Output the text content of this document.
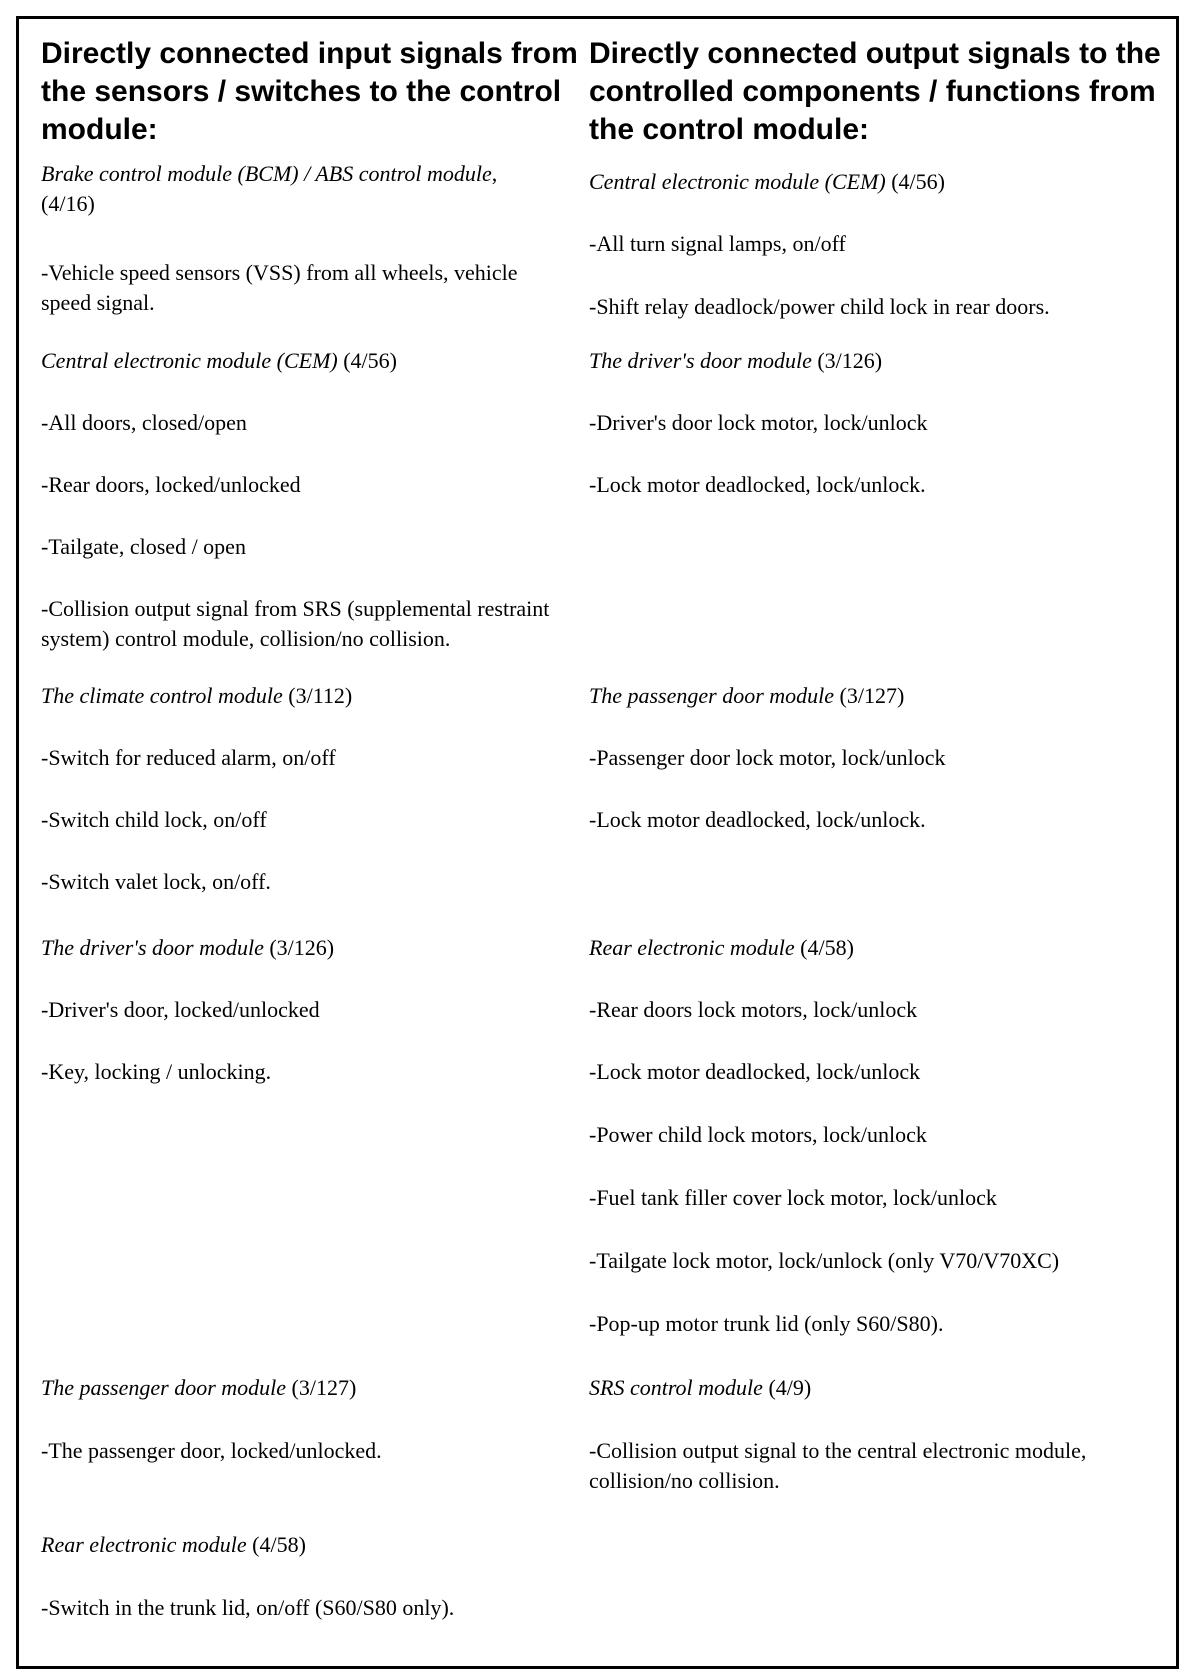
Directly connected input signals from the sensors / switches to the control module:
Directly connected output signals to the controlled components / functions from the control module:

Brake control module (BCM) / ABS control module, (4/16)

-Vehicle speed sensors (VSS) from all wheels, vehicle speed signal.

Central electronic module (CEM) (4/56)

-All doors, closed/open

-Rear doors, locked/unlocked

-Tailgate, closed / open

-Collision output signal from SRS (supplemental restraint system) control module, collision/no collision.

The climate control module (3/112)

-Switch for reduced alarm, on/off

-Switch child lock, on/off

-Switch valet lock, on/off.

The driver's door module (3/126)

-Driver's door, locked/unlocked

-Key, locking / unlocking.

The passenger door module (3/127)

-The passenger door, locked/unlocked.

Rear electronic module (4/58)

-Switch in the trunk lid, on/off (S60/S80 only).

Central electronic module (CEM) (4/56)

-All turn signal lamps, on/off

-Shift relay deadlock/power child lock in rear doors.

The driver's door module (3/126)

-Driver's door lock motor, lock/unlock

-Lock motor deadlocked, lock/unlock.

The passenger door module (3/127)

-Passenger door lock motor, lock/unlock

-Lock motor deadlocked, lock/unlock.

Rear electronic module (4/58)

-Rear doors lock motors, lock/unlock

-Lock motor deadlocked, lock/unlock

-Power child lock motors, lock/unlock

-Fuel tank filler cover lock motor, lock/unlock

-Tailgate lock motor, lock/unlock (only V70/V70XC)

-Pop-up motor trunk lid (only S60/S80).

SRS control module (4/9)

-Collision output signal to the central electronic module, collision/no collision.
